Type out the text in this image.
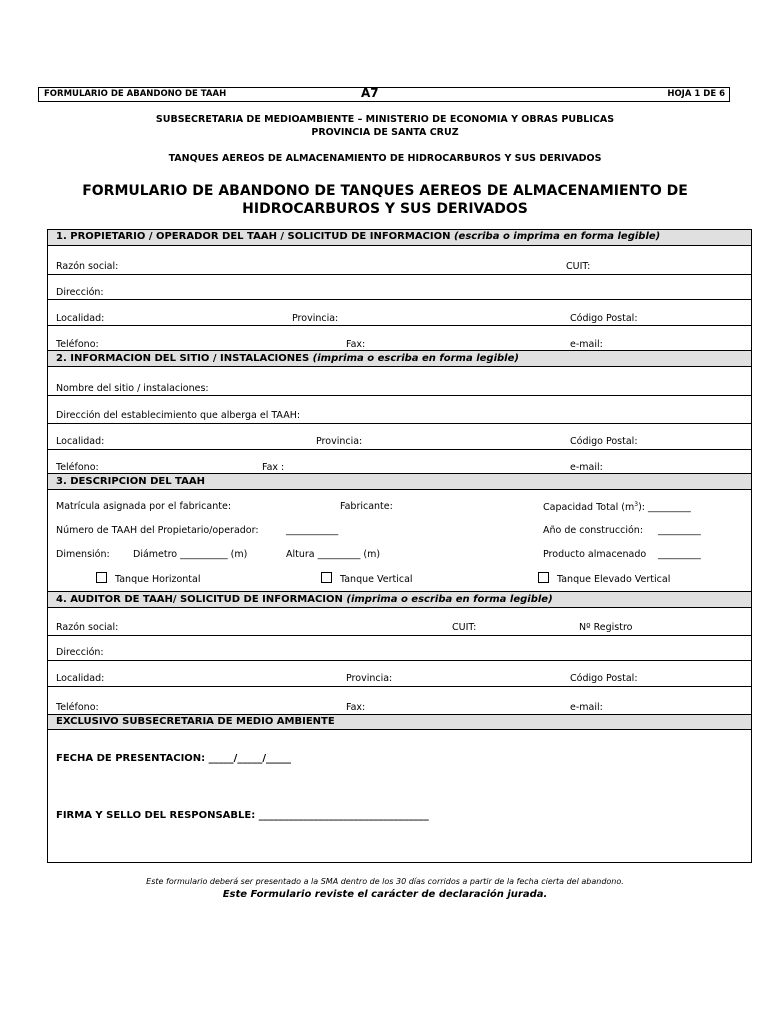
FORMULARIO DE ABANDONO DE TAAH	A7	HOJA 1 DE 6
SUBSECRETARIA DE MEDIOAMBIENTE – MINISTERIO DE ECONOMIA Y OBRAS PUBLICAS
PROVINCIA DE SANTA CRUZ
TANQUES AEREOS DE ALMACENAMIENTO DE HIDROCARBUROS Y SUS DERIVADOS
FORMULARIO DE ABANDONO DE TANQUES AEREOS DE ALMACENAMIENTO DE
HIDROCARBUROS Y SUS DERIVADOS
1. PROPIETARIO / OPERADOR DEL TAAH / SOLICITUD DE INFORMACION (escriba o imprima en forma legible)
Razón social:	CUIT:
Dirección:
Localidad:	Provincia:	Código Postal:
Teléfono:	Fax:	e-mail:
2. INFORMACION DEL SITIO / INSTALACIONES (imprima o escriba en forma legible)
Nombre del sitio / instalaciones:
Dirección del establecimiento que alberga el TAAH:
Localidad:	Provincia:	Código Postal:
Teléfono:	Fax :	e-mail:
3. DESCRIPCION DEL TAAH
Matrícula asignada por el fabricante:	Fabricante:	Capacidad Total $(m^3)$: _________
Número de TAAH del Propietario/operador:	___________	Año de construcción: _________
Dimensión: Diámetro __________ (m)	Altura _________ (m)	Producto almacenado _________
Tanque Horizontal	Tanque Vertical	Tanque Elevado Vertical
4. AUDITOR DE TAAH/ SOLICITUD DE INFORMACION (imprima o escriba en forma legible)
Razón social:	CUIT:	Nº Registro
Dirección:
Localidad:	Provincia:	Código Postal:
Teléfono:	Fax:	e-mail:
EXCLUSIVO SUBSECRETARIA DE MEDIO AMBIENTE
FECHA DE PRESENTACION: _____/_____/_____
FIRMA Y SELLO DEL RESPONSABLE: __________________________________
Este formulario deberá ser presentado a la SMA dentro de los 30 días corridos a partir de la fecha cierta del abandono.
Este Formulario reviste el carácter de declaración jurada.
